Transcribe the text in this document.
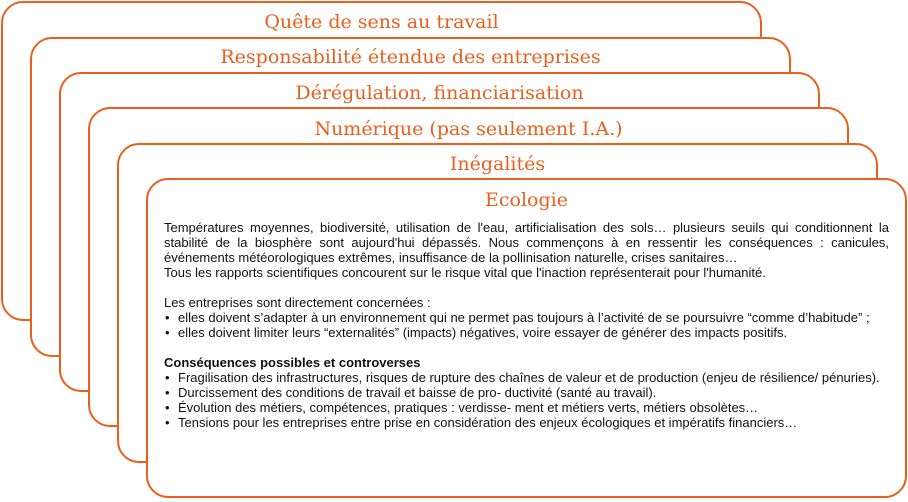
Quête de sens au travail
Responsabilité étendue des entreprises
Dérégulation, financiarisation
Numérique (pas seulement I.A.)
Inégalités
Ecologie

Températures moyennes, biodiversité, utilisation de l'eau, artificialisation des sols… plusieurs seuils qui conditionnent la stabilité de la biosphère sont aujourd'hui dépassés. Nous commençons à en ressentir les conséquences : canicules, événements météorologiques extrêmes, insuffisance de la pollinisation naturelle, crises sanitaires…

Tous les rapports scientifiques concourent sur le risque vital que l'inaction représenterait pour l'humanité.

Les entreprises sont directement concernées :

• elles doivent s’adapter à un environnement qui ne permet pas toujours à l’activité de se poursuivre “comme d’habitude” ;
• elles doivent limiter leurs “externalités” (impacts) négatives, voire essayer de générer des impacts positifs.

Conséquences possibles et controverses

• Fragilisation des infrastructures, risques de rupture des chaînes de valeur et de production (enjeu de résilience/ pénuries).
• Durcissement des conditions de travail et baisse de pro- ductivité (santé au travail).
• Évolution des métiers, compétences, pratiques : verdisse- ment et métiers verts, métiers obsolètes…
• Tensions pour les entreprises entre prise en considération des enjeux écologiques et impératifs financiers…
